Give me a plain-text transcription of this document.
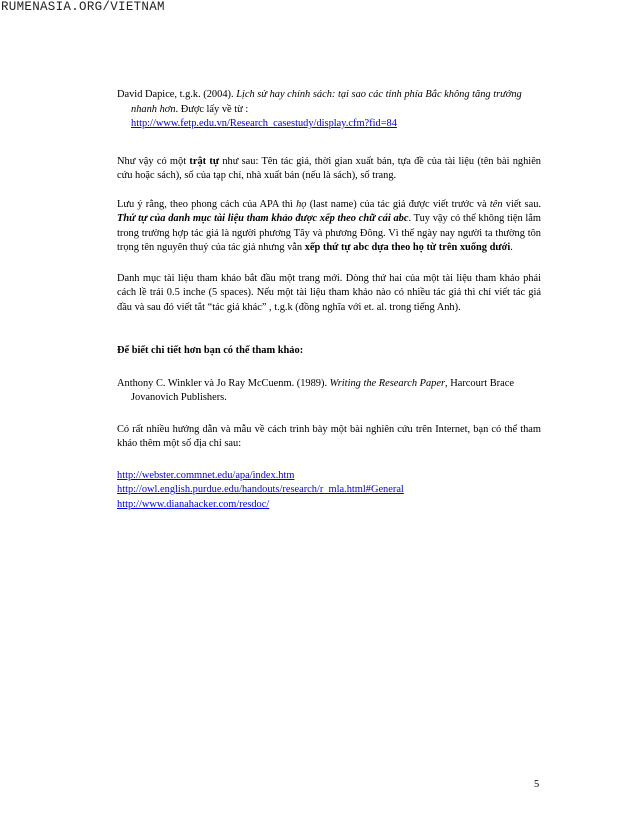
RUMENASIA.ORG/VIETNAM

David Dapice, t.g.k. (2004). Lịch sử hay chính sách: tại sao các tỉnh phía Bắc không tăng trưởng nhanh hơn. Được lấy về từ :
http://www.fetp.edu.vn/Research_casestudy/display.cfm?fid=84

Như vậy có một trật tự như sau: Tên tác giả, thời gian xuất bản, tựa đề của tài liệu (tên bài nghiên cứu hoặc sách), số của tạp chí, nhà xuất bản (nếu là sách), số trang.

Lưu ý rằng, theo phong cách của APA thì họ (last name) của tác giả được viết trước và tên viết sau. Thứ tự của danh mục tài liệu tham khảo được xếp theo chữ cái abc. Tuy vậy có thể không tiện lắm trong trường hợp tác giả là người phương Tây và phương Đông. Vì thế ngày nay người ta thường tôn trọng tên nguyên thuỷ của tác giả nhưng vẫn xếp thứ tự abc dựa theo họ từ trên xuống dưới.

Danh mục tài liệu tham khảo bắt đầu một trang mới. Dòng thứ hai của một tài liệu tham khảo phải cách lề trái 0.5 inche (5 spaces). Nếu một tài liệu tham khảo nào có nhiều tác giả thì chỉ viết tác giả đầu và sau đó viết tắt “tác giả khác” , t.g.k (đồng nghĩa với et. al. trong tiếng Anh).

Để biết chi tiết hơn bạn có thể tham khảo:

Anthony C. Winkler và Jo Ray McCuenm. (1989). Writing the Research Paper, Harcourt Brace Jovanovich Publishers.

Có rất nhiều hướng dẫn và mẫu về cách trình bày một bài nghiên cứu trên Internet, bạn có thể tham khảo thêm một số địa chỉ sau:

http://webster.commnet.edu/apa/index.htm
http://owl.english.purdue.edu/handouts/research/r_mla.html#General
http://www.dianahacker.com/resdoc/
5
